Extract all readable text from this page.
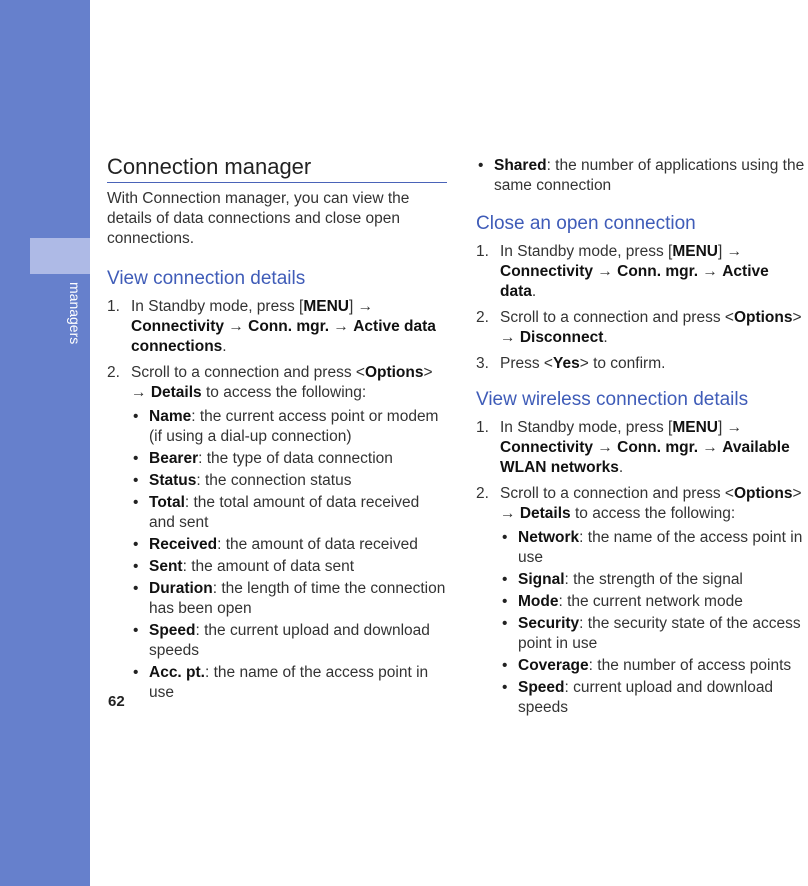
managers
62
Connection manager

With Connection manager, you can view the details of data connections and close open connections.

View connection details
1. In Standby mode, press [MENU] → Connectivity → Conn. mgr. → Active data connections.
2. Scroll to a connection and press <Options> → Details to access the following:
• Name: the current access point or modem (if using a dial-up connection)
• Bearer: the type of data connection
• Status: the connection status
• Total: the total amount of data received and sent
• Received: the amount of data received
• Sent: the amount of data sent
• Duration: the length of time the connection has been open
• Speed: the current upload and download speeds
• Acc. pt.: the name of the access point in use
• Shared: the number of applications using the same connection
Close an open connection
1. In Standby mode, press [MENU] → Connectivity → Conn. mgr. → Active data.
2. Scroll to a connection and press <Options> → Disconnect.
3. Press <Yes> to confirm.
View wireless connection details
1. In Standby mode, press [MENU] → Connectivity → Conn. mgr. → Available WLAN networks.
2. Scroll to a connection and press <Options> → Details to access the following:
• Network: the name of the access point in use
• Signal: the strength of the signal
• Mode: the current network mode
• Security: the security state of the access point in use
• Coverage: the number of access points
• Speed: current upload and download speeds
